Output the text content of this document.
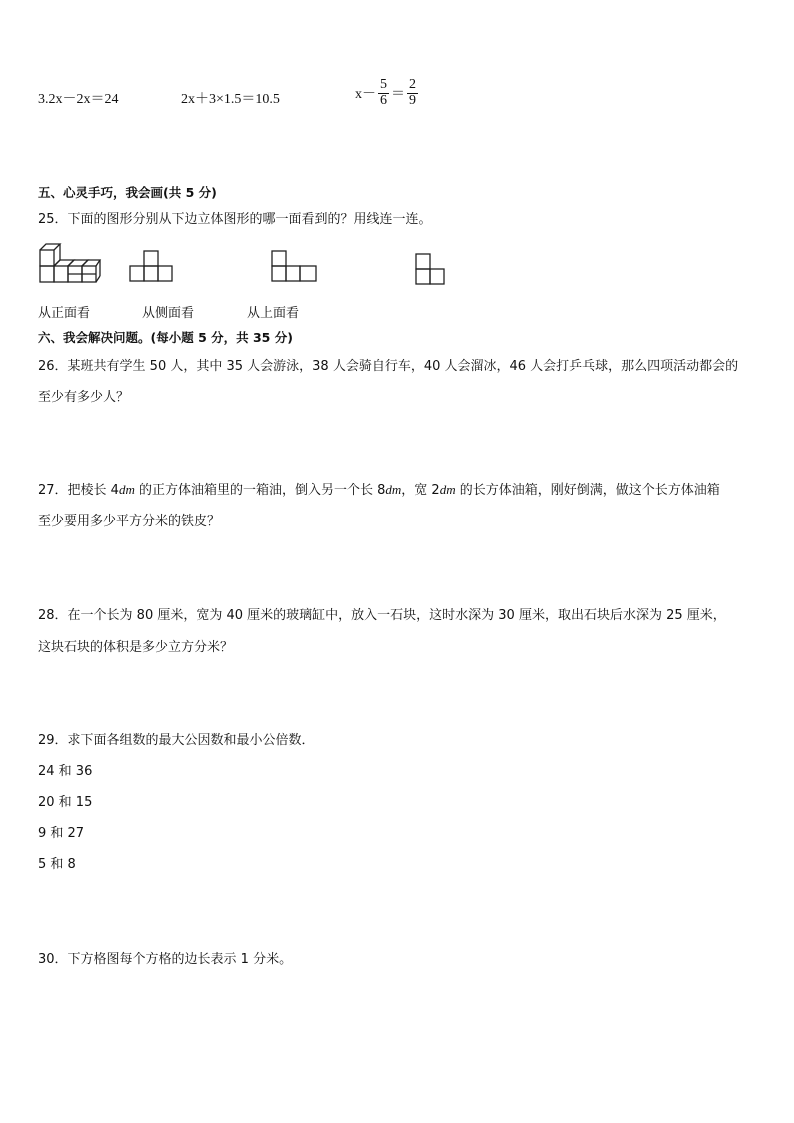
3.2x－2x＝24	2x＋3×1.5＝10.5	$x- \frac{5}{6} = \frac{2}{9}$
五、心灵手巧，我会画(共 5 分)
25．下面的图形分别从下边立体图形的哪一面看到的？用线连一连。
从正面看	从侧面看	从上面看
六、我会解决问题。(每小题 5 分，共 35 分)
26．某班共有学生 50 人，其中 35 人会游泳，38 人会骑自行车，40 人会溜冰，46 人会打乒乓球，那么四项活动都会的
至少有多少人？
27．把棱长 4dm 的正方体油箱里的一箱油，倒入另一个长 8dm，宽 2dm 的长方体油箱，刚好倒满，做这个长方体油箱
至少要用多少平方分米的铁皮？
28．在一个长为 80 厘米，宽为 40 厘米的玻璃缸中，放入一石块，这时水深为 30 厘米，取出石块后水深为 25 厘米，
这块石块的体积是多少立方分米？
29．求下面各组数的最大公因数和最小公倍数．
24 和 36
20 和 15
9 和 27
5 和 8
30．下方格图每个方格的边长表示 1 分米。
